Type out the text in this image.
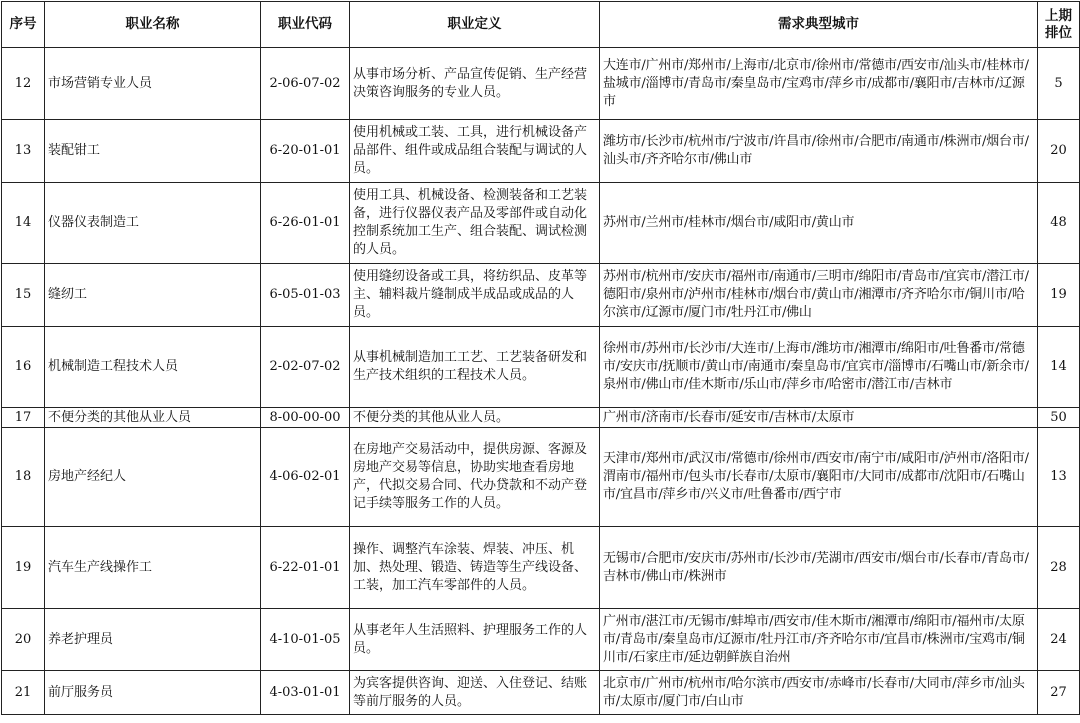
序号	职业名称	职业代码	职业定义	需求典型城市	上期排位
12	市场营销专业人员	2-06-07-02	从事市场分析、产品宣传促销、生产经营决策咨询服务的专业人员。	大连市/广州市/郑州市/上海市/北京市/徐州市/常德市/西安市/汕头市/桂林市/盐城市/淄博市/青岛市/秦皇岛市/宝鸡市/萍乡市/成都市/襄阳市/吉林市/辽源市	5
13	装配钳工	6-20-01-01	使用机械或工装、工具，进行机械设备产品部件、组件或成品组合装配与调试的人员。	潍坊市/长沙市/杭州市/宁波市/许昌市/徐州市/合肥市/南通市/株洲市/烟台市/汕头市/齐齐哈尔市/佛山市	20
14	仪器仪表制造工	6-26-01-01	使用工具、机械设备、检测装备和工艺装备，进行仪器仪表产品及零部件或自动化控制系统加工生产、组合装配、调试检测的人员。	苏州市/兰州市/桂林市/烟台市/咸阳市/黄山市	48
15	缝纫工	6-05-01-03	使用缝纫设备或工具，将纺织品、皮革等主、辅料裁片缝制成半成品或成品的人员。	苏州市/杭州市/安庆市/福州市/南通市/三明市/绵阳市/青岛市/宜宾市/潜江市/德阳市/泉州市/泸州市/桂林市/烟台市/黄山市/湘潭市/齐齐哈尔市/铜川市/哈尔滨市/辽源市/厦门市/牡丹江市/佛山	19
16	机械制造工程技术人员	2-02-07-02	从事机械制造加工工艺、工艺装备研发和生产技术组织的工程技术人员。	徐州市/苏州市/长沙市/大连市/上海市/潍坊市/湘潭市/绵阳市/吐鲁番市/常德市/安庆市/抚顺市/黄山市/南通市/秦皇岛市/宜宾市/淄博市/石嘴山市/新余市/泉州市/佛山市/佳木斯市/乐山市/萍乡市/哈密市/潜江市/吉林市	14
17	不便分类的其他从业人员	8-00-00-00	不便分类的其他从业人员。	广州市/济南市/长春市/延安市/吉林市/太原市	50
18	房地产经纪人	4-06-02-01	在房地产交易活动中，提供房源、客源及房地产交易等信息，协助实地查看房地产，代拟交易合同、代办贷款和不动产登记手续等服务工作的人员。	天津市/郑州市/武汉市/常德市/徐州市/西安市/南宁市/咸阳市/泸州市/洛阳市/渭南市/福州市/包头市/长春市/太原市/襄阳市/大同市/成都市/沈阳市/石嘴山市/宜昌市/萍乡市/兴义市/吐鲁番市/西宁市	13
19	汽车生产线操作工	6-22-01-01	操作、调整汽车涂装、焊装、冲压、机加、热处理、锻造、铸造等生产线设备、工装，加工汽车零部件的人员。	无锡市/合肥市/安庆市/苏州市/长沙市/芜湖市/西安市/烟台市/长春市/青岛市/吉林市/佛山市/株洲市	28
20	养老护理员	4-10-01-05	从事老年人生活照料、护理服务工作的人员。	广州市/湛江市/无锡市/蚌埠市/西安市/佳木斯市/湘潭市/绵阳市/福州市/太原市/青岛市/秦皇岛市/辽源市/牡丹江市/齐齐哈尔市/宜昌市/株洲市/宝鸡市/铜川市/石家庄市/延边朝鲜族自治州	24
21	前厅服务员	4-03-01-01	为宾客提供咨询、迎送、入住登记、结账等前厅服务的人员。	北京市/广州市/杭州市/哈尔滨市/西安市/赤峰市/长春市/大同市/萍乡市/汕头市/太原市/厦门市/白山市	27
